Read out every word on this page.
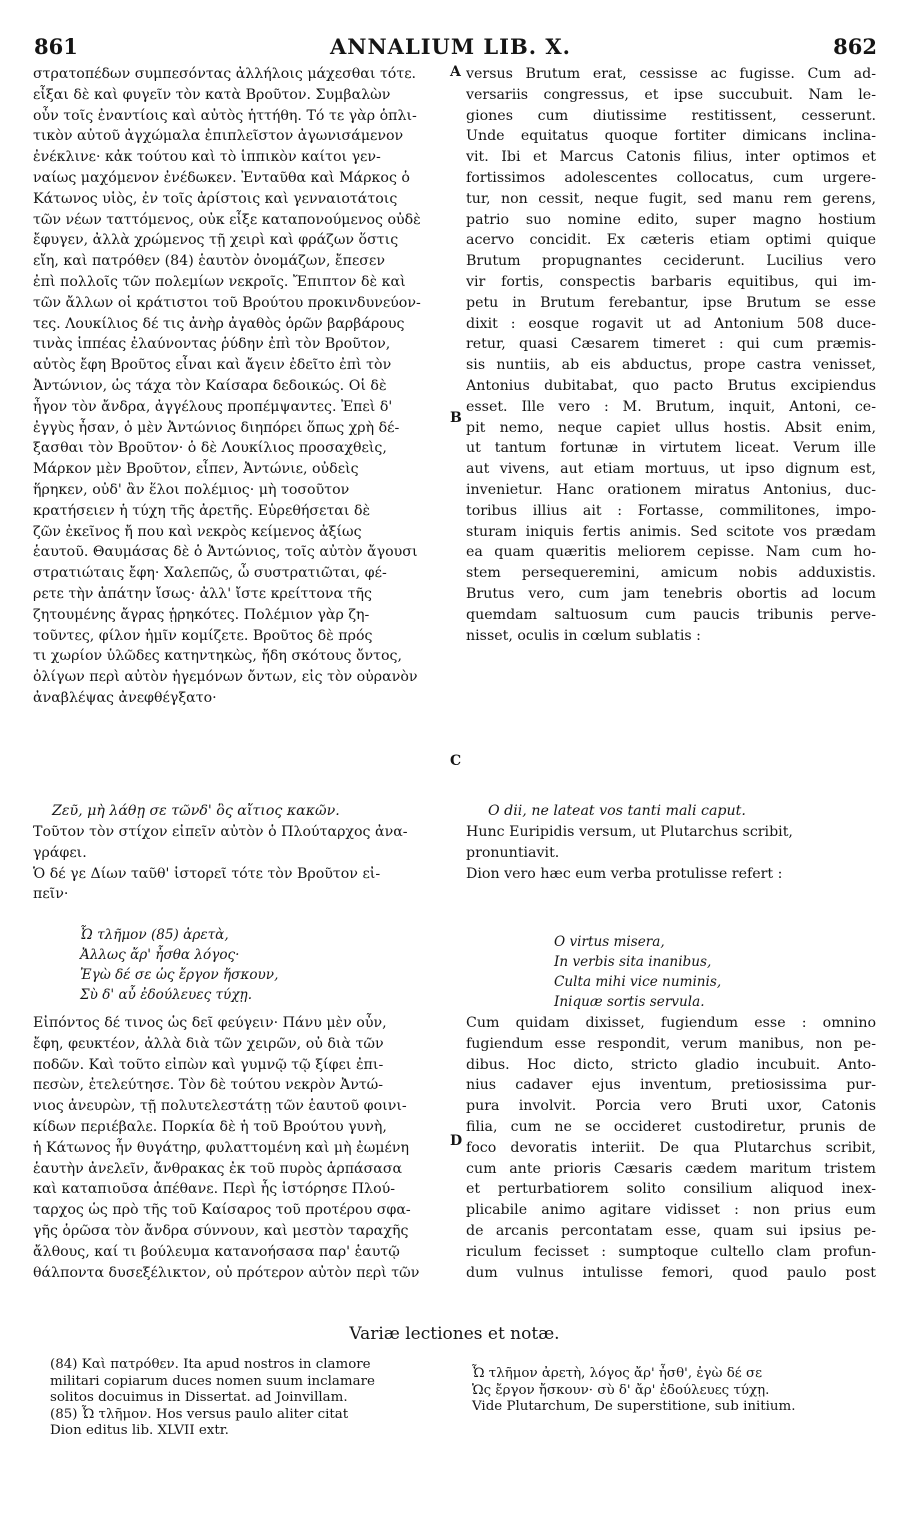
861	ANNALIUM LIB. X.	862
A
B
C
D
στρατοπέδων συμπεσόντας ἀλλήλοις μάχεσθαι τότε.
εἶξαι δὲ καὶ φυγεῖν τὸν κατὰ Βροῦτον. Συμβαλὼν
οὖν τοῖς ἐναντίοις καὶ αὐτὸς ἡττήθη. Τό τε γὰρ ὁπλι-
τικὸν αὐτοῦ ἀγχώμαλα ἐπιπλεῖστον ἀγωνισάμενον
ἐνέκλινε· κἀκ τούτου καὶ τὸ ἱππικὸν καίτοι γεν-
ναίως μαχόμενον ἐνέδωκεν. Ἐνταῦθα καὶ Μάρκος ὁ
Κάτωνος υἱὸς, ἐν τοῖς ἀρίστοις καὶ γενναιοτάτοις
τῶν νέων ταττόμενος, οὐκ εἶξε καταπονούμενος οὐδὲ
ἔφυγεν, ἀλλὰ χρώμενος τῇ χειρὶ καὶ φράζων ὅστις
εἴη, καὶ πατρόθεν (84) ἑαυτὸν ὀνομάζων, ἔπεσεν
ἐπὶ πολλοῖς τῶν πολεμίων νεκροῖς. Ἔπιπτον δὲ καὶ
τῶν ἄλλων οἱ κράτιστοι τοῦ Βρούτου προκινδυνεύον-
τες. Λουκίλιος δέ τις ἀνὴρ ἀγαθὸς ὁρῶν βαρβάρους
τινὰς ἱππέας ἐλαύνοντας ῥύδην ἐπὶ τὸν Βροῦτον,
αὐτὸς ἔφη Βροῦτος εἶναι καὶ ἄγειν ἐδεῖτο ἐπὶ τὸν
Ἀντώνιον, ὡς τάχα τὸν Καίσαρα δεδοικώς. Οἱ δὲ
ἦγον τὸν ἄνδρα, ἀγγέλους προπέμψαντες. Ἐπεὶ δ'
ἐγγὺς ἦσαν, ὁ μὲν Ἀντώνιος διηπόρει ὅπως χρὴ δέ-
ξασθαι τὸν Βροῦτον· ὁ δὲ Λουκίλιος προσαχθεὶς,
Μάρκον μὲν Βροῦτον, εἶπεν, Ἀντώνιε, οὐδεὶς
ἥρηκεν, οὐδ' ἂν ἕλοι πολέμιος· μὴ τοσοῦτον
κρατήσειεν ἡ τύχη τῆς ἀρετῆς. Εὑρεθήσεται δὲ
ζῶν ἐκεῖνος ἤ που καὶ νεκρὸς κείμενος ἀξίως
ἑαυτοῦ. Θαυμάσας δὲ ὁ Ἀντώνιος, τοῖς αὐτὸν ἄγουσι
στρατιώταις ἔφη· Χαλεπῶς, ὦ συστρατιῶται, φέ-
ρετε τὴν ἀπάτην ἴσως· ἀλλ' ἴστε κρείττονα τῆς
ζητουμένης ἄγρας ᾑρηκότες. Πολέμιον γὰρ ζη-
τοῦντες, φίλον ἡμῖν κομίζετε. Βροῦτος δὲ πρός
τι χωρίον ὑλῶδες κατηντηκὼς, ἤδη σκότους ὄντος,
ὀλίγων περὶ αὐτὸν ἡγεμόνων ὄντων, εἰς τὸν οὐρανὸν
ἀναβλέψας ἀνεφθέγξατο·
versus Brutum erat, cessisse ac fugisse. Cum ad-
versariis congressus, et ipse succubuit. Nam le-
giones cum diutissime restitissent, cesserunt.
Unde equitatus quoque fortiter dimicans inclina-
vit. Ibi et Marcus Catonis filius, inter optimos et
fortissimos adolescentes collocatus, cum urgere-
tur, non cessit, neque fugit, sed manu rem gerens,
patrio suo nomine edito, super magno hostium
acervo concidit. Ex cæteris etiam optimi quique
Brutum propugnantes ceciderunt. Lucilius vero
vir fortis, conspectis barbaris equitibus, qui im-
petu in Brutum ferebantur, ipse Brutum se esse
dixit : eosque rogavit ut ad Antonium 508 duce-
retur, quasi Cæsarem timeret : qui cum præmis-
sis nuntiis, ab eis abductus, prope castra venisset,
Antonius dubitabat, quo pacto Brutus excipiendus
esset. Ille vero : M. Brutum, inquit, Antoni, ce-
pit nemo, neque capiet ullus hostis. Absit enim,
ut tantum fortunæ in virtutem liceat. Verum ille
aut vivens, aut etiam mortuus, ut ipso dignum est,
invenietur. Hanc orationem miratus Antonius, duc-
toribus illius ait : Fortasse, commilitones, impo-
sturam iniquis fertis animis. Sed scitote vos prædam
ea quam quæritis meliorem cepisse. Nam cum ho-
stem persequeremini, amicum nobis adduxistis.
Brutus vero, cum jam tenebris obortis ad locum
quemdam saltuosum cum paucis tribunis perve-
nisset, oculis in cœlum sublatis :
Ζεῦ, μὴ λάθῃ σε τῶνδ' ὃς αἴτιος κακῶν.	O dii, ne lateat vos tanti mali caput.
Τοῦτον τὸν στίχον εἰπεῖν αὐτὸν ὁ Πλούταρχος ἀνα-
γράφει.
Ὁ δέ γε Δίων ταῦθ' ἱστορεῖ τότε τὸν Βροῦτον εἰ-
πεῖν·
Hunc Euripidis versum, ut Plutarchus scribit,
pronuntiavit.
Dion vero hæc eum verba protulisse refert :
Ὦ τλῆμον (85) ἀρετὰ,
Ἀλλως ἄρ' ἦσθα λόγος·
Ἐγὼ δέ σε ὡς ἔργον ἤσκουν,
Σὺ δ' αὖ ἐδούλευες τύχῃ.
O virtus misera,
In verbis sita inanibus,
Culta mihi vice numinis,
Iniquæ sortis servula.
Εἰπόντος δέ τινος ὡς δεῖ φεύγειν· Πάνυ μὲν οὖν,
ἔφη, φευκτέον, ἀλλὰ διὰ τῶν χειρῶν, οὐ διὰ τῶν
ποδῶν. Καὶ τοῦτο εἰπὼν καὶ γυμνῷ τῷ ξίφει ἐπι-
πεσὼν, ἐτελεύτησε. Τὸν δὲ τούτου νεκρὸν Ἀντώ-
νιος ἀνευρὼν, τῇ πολυτελεστάτῃ τῶν ἑαυτοῦ φοινι-
κίδων περιέβαλε. Πορκία δὲ ἡ τοῦ Βρούτου γυνὴ,
ἡ Κάτωνος ἦν θυγάτηρ, φυλαττομένη καὶ μὴ ἐωμένη
ἑαυτὴν ἀνελεῖν, ἄνθρακας ἐκ τοῦ πυρὸς ἁρπάσασα
καὶ καταπιοῦσα ἀπέθανε. Περὶ ἧς ἱστόρησε Πλού-
ταρχος ὡς πρὸ τῆς τοῦ Καίσαρος τοῦ προτέρου σφα-
γῆς ὁρῶσα τὸν ἄνδρα σύννουν, καὶ μεστὸν ταραχῆς
ἄλθους, καί τι βούλευμα κατανοήσασα παρ' ἑαυτῷ
θάλποντα δυσεξέλικτον, οὐ πρότερον αὐτὸν περὶ τῶν
Cum quidam dixisset, fugiendum esse : omnino
fugiendum esse respondit, verum manibus, non pe-
dibus. Hoc dicto, stricto gladio incubuit. Anto-
nius cadaver ejus inventum, pretiosissima pur-
pura involvit. Porcia vero Bruti uxor, Catonis
filia, cum ne se occideret custodiretur, prunis de
foco devoratis interiit. De qua Plutarchus scribit,
cum ante prioris Cæsaris cædem maritum tristem
et perturbatiorem solito consilium aliquod inex-
plicabile animo agitare vidisset : non prius eum
de arcanis percontatam esse, quam sui ipsius pe-
riculum fecisset : sumptoque cultello clam profun-
dum vulnus intulisse femori, quod paulo post
Variæ lectiones et notæ.
(84) Καὶ πατρόθεν. Ita apud nostros in clamore
militari copiarum duces nomen suum inclamare
solitos docuimus in Dissertat. ad Joinvillam.
(85) Ὦ τλῆμον. Hos versus paulo aliter citat
Dion editus lib. XLVII extr.
Ὦ τλῆμον ἀρετὴ, λόγος ἄρ' ἦσθ', ἐγὼ δέ σε
Ὡς ἔργον ἤσκουν· σὺ δ' ἄρ' ἐδούλευες τύχῃ.
Vide Plutarchum, De superstitione, sub initium.
